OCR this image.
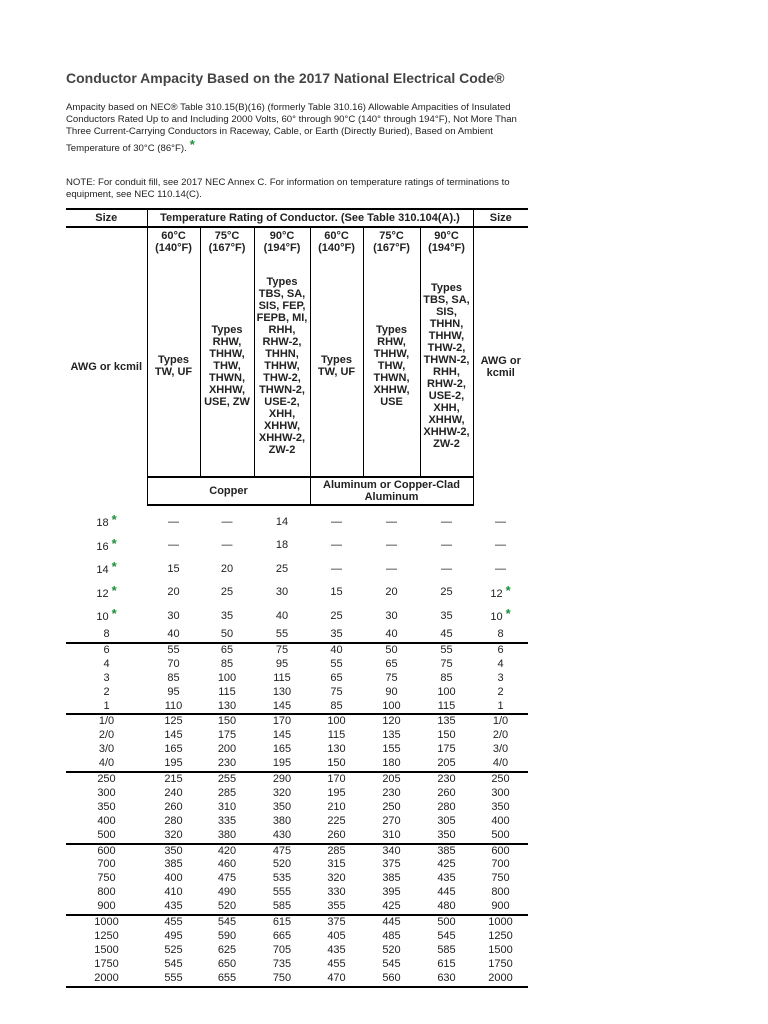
Conductor Ampacity Based on the 2017 National Electrical Code®
Ampacity based on NEC® Table 310.15(B)(16) (formerly Table 310.16) Allowable Ampacities of Insulated Conductors Rated Up to and Including 2000 Volts, 60° through 90°C (140° through 194°F), Not More Than Three Current-Carrying Conductors in Raceway, Cable, or Earth (Directly Buried), Based on Ambient Temperature of 30°C (86°F). *
NOTE: For conduit fill, see 2017 NEC Annex C. For information on temperature ratings of terminations to equipment, see NEC 110.14(C).
Size	Temperature Rating of Conductor. (See Table 310.104(A).)						Size
AWG or kcmil	60°C (140°F)	75°C (167°F)	90°C (194°F)	60°C (140°F)	75°C (167°F)	90°C (194°F)	AWG or kcmil
	Types TW, UF	Types RHW, THHW, THW, THWN, XHHW, USE, ZW	Types TBS, SA, SIS, FEP, FEPB, MI, RHH, RHW-2, THHN, THHW, THW-2, THWN-2, USE-2, XHH, XHHW, XHHW-2, ZW-2	Types TW, UF	Types RHW, THHW, THW, THWN, XHHW, USE	Types TBS, SA, SIS, THHN, THHW, THW-2, THWN-2, RHH, RHW-2, USE-2, XHH, XHHW, XHHW-2, ZW-2	
	Copper			Aluminum or Copper-Clad Aluminum			

18 *	—	—	14	—	—	—	—
16 *	—	—	18	—	—	—	—
14 *	15	20	25	—	—	—	—
12 *	20	25	30	15	20	25	12 *
10 *	30	35	40	25	30	35	10 *
8	40	50	55	35	40	45	8
6	55	65	75	40	50	55	6
4	70	85	95	55	65	75	4
3	85	100	115	65	75	85	3
2	95	115	130	75	90	100	2
1	110	130	145	85	100	115	1
1/0	125	150	170	100	120	135	1/0
2/0	145	175	145	115	135	150	2/0
3/0	165	200	165	130	155	175	3/0
4/0	195	230	195	150	180	205	4/0
250	215	255	290	170	205	230	250
300	240	285	320	195	230	260	300
350	260	310	350	210	250	280	350
400	280	335	380	225	270	305	400
500	320	380	430	260	310	350	500
600	350	420	475	285	340	385	600
700	385	460	520	315	375	425	700
750	400	475	535	320	385	435	750
800	410	490	555	330	395	445	800
900	435	520	585	355	425	480	900
1000	455	545	615	375	445	500	1000
1250	495	590	665	405	485	545	1250
1500	525	625	705	435	520	585	1500
1750	545	650	735	455	545	615	1750
2000	555	655	750	470	560	630	2000
